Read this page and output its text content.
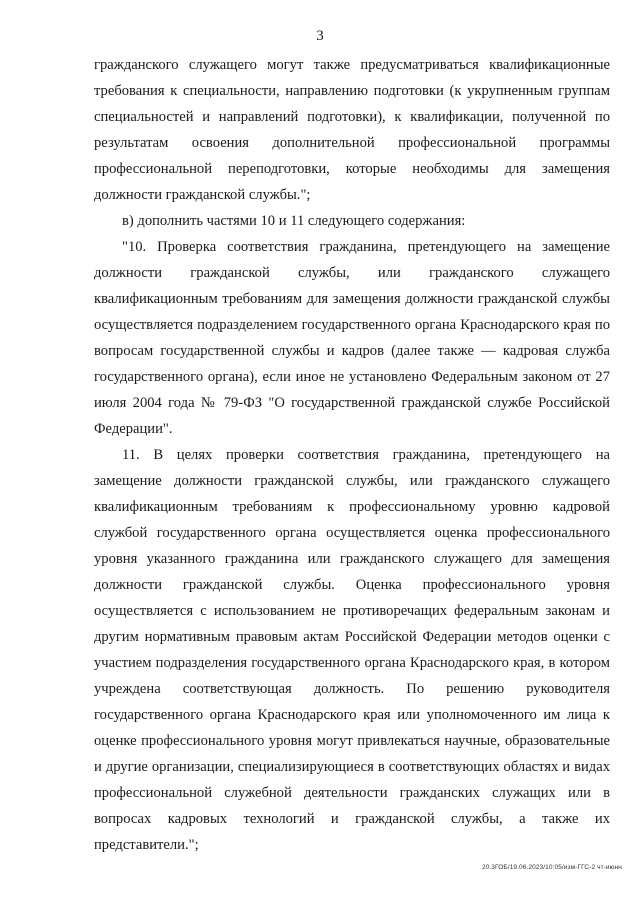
3

гражданского служащего могут также предусматриваться квалификационные требования к специальности, направлению подготовки (к укрупненным группам специальностей и направлений подготовки), к квалификации, полученной по результатам освоения дополнительной профессиональной программы профессиональной переподготовки, которые необходимы для замещения должности гражданской службы.";

в) дополнить частями 10 и 11 следующего содержания:

"10. Проверка соответствия гражданина, претендующего на замещение должности гражданской службы, или гражданского служащего квалификационным требованиям для замещения должности гражданской службы осуществляется подразделением государственного органа Краснодарского края по вопросам государственной службы и кадров (далее также — кадровая служба государственного органа), если иное не установлено Федеральным законом от 27 июля 2004 года № 79-ФЗ "О государственной гражданской службе Российской Федерации".

11. В целях проверки соответствия гражданина, претендующего на замещение должности гражданской службы, или гражданского служащего квалификационным требованиям к профессиональному уровню кадровой службой государственного органа осуществляется оценка профессионального уровня указанного гражданина или гражданского служащего для замещения должности гражданской службы. Оценка профессионального уровня осуществляется с использованием не противоречащих федеральным законам и другим нормативным правовым актам Российской Федерации методов оценки с участием подразделения государственного органа Краснодарского края, в котором учреждена соответствующая должность. По решению руководителя государственного органа Краснодарского края или уполномоченного им лица к оценке профессионального уровня могут привлекаться научные, образовательные и другие организации, специализирующиеся в соответствующих областях и видах профессиональной служебной деятельности гражданских служащих или в вопросах кадровых технологий и гражданской службы, а также их представители.";

20.3ГОБ/19.06.2023/10:05/изм-ГГС-2 чт-июнн
